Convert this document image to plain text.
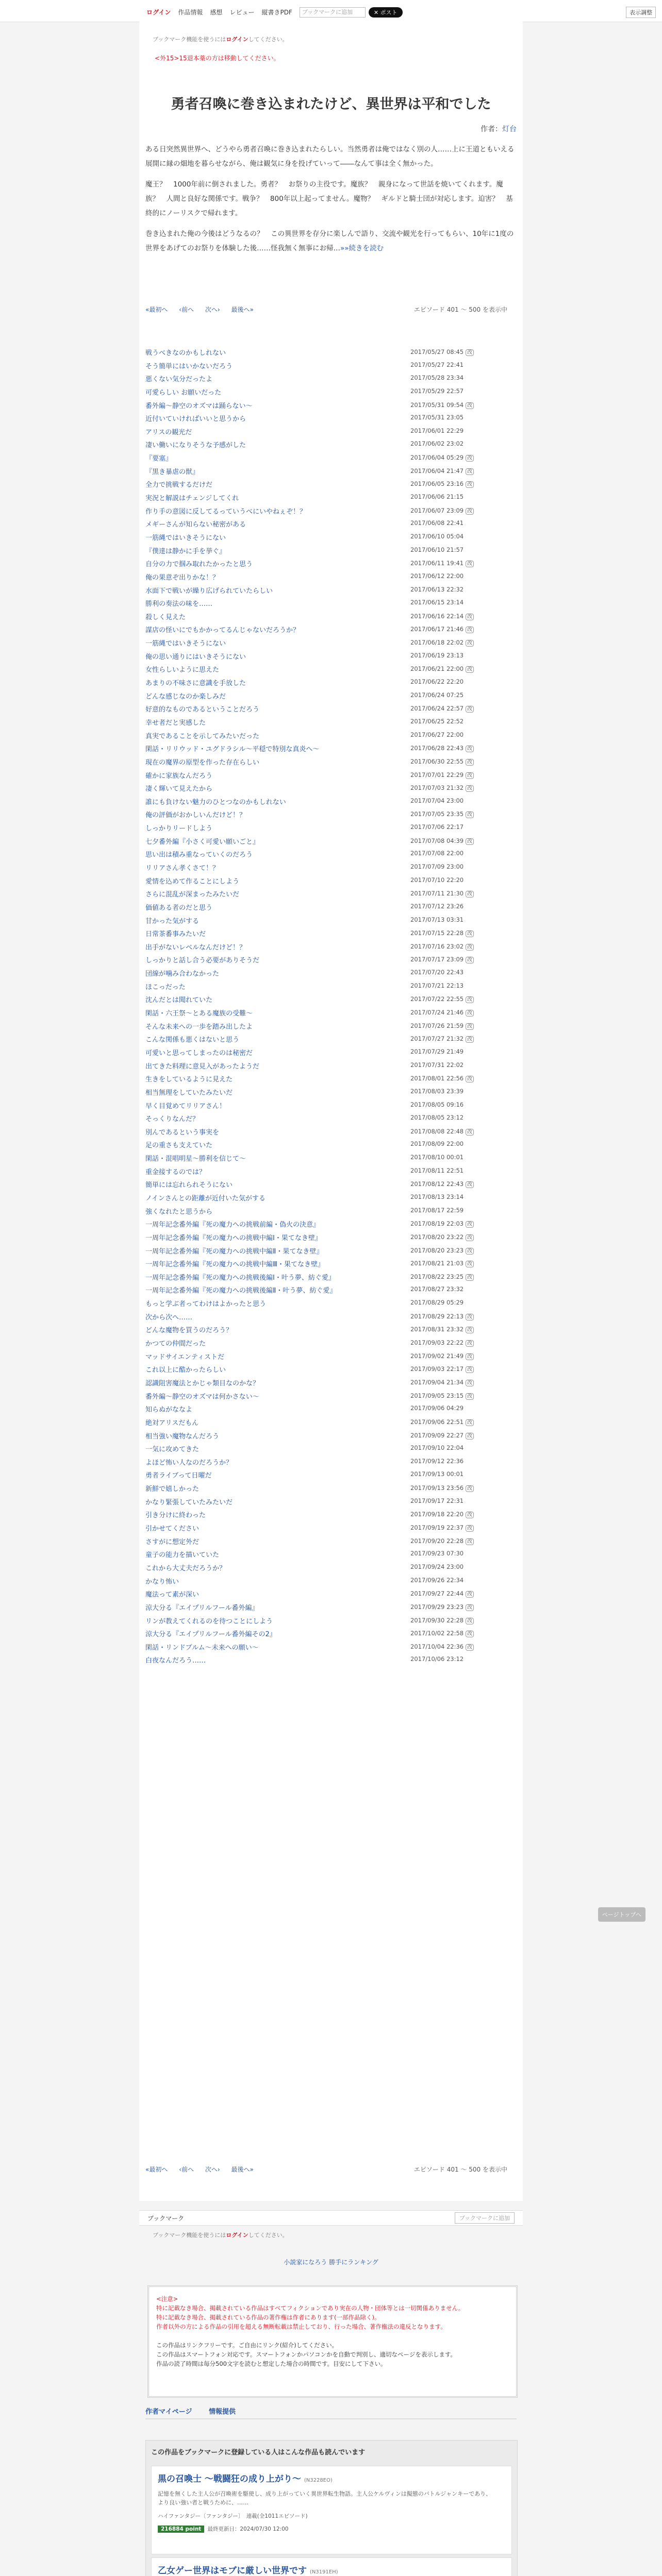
ログイン	作品情報	感想	レビュー	縦書きPDF	ブックマークに追加	✕ ポスト	表示調整
ブックマーク機能を使うにはログインしてください。
<外15>15退本薬の方は移動してください。
勇者召喚に巻き込まれたけど、異世界は平和でした
作者：灯台

ある日突然異世界へ、どうやら勇者召喚に巻き込まれたらしい。当然勇者は俺ではなく別の人……上に王道ともいえる展開に縁の畑地を暮らせながら、俺は観気に身を投げていって――なんて事は全く無かった。

魔王？　1000年前に倒されました。勇者？　お祭りの主役です。魔族？　親身になって世話を焼いてくれます。魔族？　人間と良好な関係です。戦争？　800年以上起ってません。魔物？　ギルドと騎士団が対応します。迫害？　基終的にノーリスクで帰れます。

巻き込まれた俺の今後はどうなるの？　この異世界を存分に楽しんで語り、交流や観光を行ってもらい、10年に1度の世界をあげてのお祭りを体験した後……怪我無く無事にお帰…»»続きを読む

«最初へ ‹前へ 次へ› 最後へ»	エピソード 401 ～ 500 を表示中
戦うべきなのかもしれない	2017/05/27 08:45 改
そう簡単にはいかないだろう	2017/05/27 22:41
悪くない気分だったよ	2017/05/28 23:34
可愛らしい お願いだった	2017/05/29 22:57
番外編～静空のオズマは踊らない～	2017/05/31 09:54 改
近付いていければいいと思うから	2017/05/31 23:05
アリスの観光だ	2017/06/01 22:29
凄い働いになりそうな予感がした	2017/06/02 23:02
『要塞』	2017/06/04 05:29 改
『黒き暴虐の獣』	2017/06/04 21:47 改
全力で挑戦するだけだ	2017/06/05 23:16 改
実況と解説はチェンジしてくれ	2017/06/06 21:15
作り手の意図に反してるっていうべにいやねぇぞ！？	2017/06/07 23:09 改
メギーさんが知らない秘密がある	2017/06/08 22:41
一筋縄ではいきそうにない	2017/06/10 05:04
『僕達は静かに手を挙ぐ』	2017/06/10 21:57
自分の力で掴み取れたかったと思う	2017/06/11 19:41 改
俺の果意ぞ出りかな！？	2017/06/12 22:00
水面下で戦いが繰り広げられていたらしい	2017/06/13 22:32
勝利の奏法の味を……	2017/06/15 23:14
殺しく見えた	2017/06/16 22:14 改
謀店の怪いにでもかかってるんじゃないだろうか？	2017/06/17 21:46 改
一筋縄ではいきそうにない	2017/06/18 22:02 改
俺の思い通りにはいきそうにない	2017/06/19 23:13
女性らしいように思えた	2017/06/21 22:00 改
あまりの不味さに意識を手放した	2017/06/22 22:20
どんな感じなのか楽しみだ	2017/06/24 07:25
好意的なものであるということだろう	2017/06/24 22:57 改
幸せ者だと実感した	2017/06/25 22:52
真実であることを示してみたいだった	2017/06/27 22:00
閑話・リリウッド・ユグドラシル～平穏で特別な真炎へ～	2017/06/28 22:43 改
現在の魔界の原型を作った存在らしい	2017/06/30 22:55 改
確かに家族なんだろう	2017/07/01 22:29 改
凄く輝いて見えたから	2017/07/03 21:32 改
誰にも負けない魅力のひとつなのかもしれない	2017/07/04 23:00
俺の評価がおかしいんだけど！？	2017/07/05 23:35 改
しっかりリードしよう	2017/07/06 22:17
七夕番外編『小さく可愛い願いごと』	2017/07/08 04:39 改
思い出は積み重なっていくのだろう	2017/07/08 22:00
リリアさん孝くさて！？	2017/07/09 23:00
愛情を込めて作ることにしよう	2017/07/10 22:20
さらに混乱が深まったみたいだ	2017/07/11 21:30 改
価値ある者のだと思う	2017/07/12 23:26
甘かった気がする	2017/07/13 03:31
日常茶番事みたいだ	2017/07/15 22:28 改
出手がないレベルなんだけど！？	2017/07/16 23:02 改
しっかりと話し合う必要がありそうだ	2017/07/17 23:09 改
団線が噛み合わなかった	2017/07/20 22:43
ほこっだった	2017/07/21 22:13
沈んだとは聞れていた	2017/07/22 22:55 改
閑話・六王祭～とある魔族の受難～	2017/07/24 21:46 改
そんな未来への一歩を踏み出したよ	2017/07/26 21:59 改
こんな関係も悪くはないと思う	2017/07/27 21:32 改
可愛いと思ってしまったのは秘密だ	2017/07/29 21:49
出てきた料理に意見入があったようだ	2017/07/31 22:02
生きをしているように見えた	2017/08/01 22:56 改
相当無理をしていたみたいだ	2017/08/03 23:39
早く目覚めてリリアさん！	2017/08/05 09:16
そっくりなんだ？	2017/08/05 23:12
別んであるという事実を	2017/08/08 22:48 改
足の重さも支えていた	2017/08/09 22:00
閑話・混唱明星～勝利を信じて～	2017/08/10 00:01
重金接するのでは？	2017/08/11 22:51
簡単には忘れられそうにない	2017/08/12 22:43 改
ノインさんとの距離が近付いた気がする	2017/08/13 23:14
強くなれたと思うから	2017/08/17 22:59
一周年記念番外編『死の魔力への挑戦前編・偽火の決意』	2017/08/19 22:03 改
一周年記念番外編『死の魔力への挑戦中編Ⅰ・果てなき壁』	2017/08/20 23:22 改
一周年記念番外編『死の魔力への挑戦中編Ⅱ・果てなき壁』	2017/08/20 23:23 改
一周年記念番外編『死の魔力への挑戦中編Ⅲ・果てなき壁』	2017/08/21 21:03 改
一周年記念番外編『死の魔力への挑戦後編Ⅰ・叶う夢、紡ぐ愛』	2017/08/22 23:25 改
一周年記念番外編『死の魔力への挑戦後編Ⅱ・叶う夢、紡ぐ愛』	2017/08/27 23:32
もっと学ぶ者ってわけはよかったと思う	2017/08/29 05:29
次から次へ……	2017/08/29 22:13 改
どんな魔物を買うのだろう？	2017/08/31 23:32 改
かつての仲間だった	2017/09/03 22:22 改
マッドサイエンティストだ	2017/09/02 21:49 改
これ以上に酷かったらしい	2017/09/03 22:17 改
認識阻害魔法とかじゃ類目なのかな？	2017/09/04 21:34 改
番外編～静空のオズマは何かさない～	2017/09/05 23:15 改
知らぬがななよ	2017/09/06 04:29
絶対アリスだもん	2017/09/06 22:51 改
相当強い魔物なんだろう	2017/09/09 22:27 改
一気に攻めてきた	2017/09/10 22:04
よほど怖い人なのだろうか？	2017/09/12 22:36
勇者ライブって日曜だ	2017/09/13 00:01
新鮮で嬉しかった	2017/09/13 23:56 改
かなり緊張していたみたいだ	2017/09/17 22:31
引き分けに終わった	2017/09/18 22:20 改
引かせてください	2017/09/19 22:37 改
さすがに想定外だ	2017/09/20 22:28 改
童子の能力を描いていた	2017/09/23 07:30
これから大丈夫だろうか？	2017/09/24 23:00
かなり怖い	2017/09/26 22:34
魔法って素が深い	2017/09/27 22:44 改
涼大分る『エイプリルフール番外編』	2017/09/29 23:23 改
リンが教えてくれるのを待つことにしよう	2017/09/30 22:28 改
涼大分る『エイプリルフール番外編その2』	2017/10/02 22:58 改
閑話・リンドブルム～未来への願い～	2017/10/04 22:36 改
白夜なんだろう……	2017/10/06 23:12
«最初へ ‹前へ 次へ› 最後へ»	エピソード 401 ～ 500 を表示中
ブックマーク	ブックマークに追加
ブックマーク機能を使うにはログインしてください。
小説家になろう 勝手にランキング
<注意>
特に記載なき場合、掲載されている作品はすべてフィクションであり実在の人物・団体等とは一切関係ありません。
特に記載なき場合、掲載されている作品の著作権は作者にあります(一部作品除く)。
作者以外の方による作品の引用を超える無断転載は禁止しており、行った場合、著作権法の違反となります。

この作品はリンクフリーです。ご自由にリンク(紹介)してください。
この作品はスマートフォン対応です。スマートフォンかパソコンかを自動で判別し、適切なページを表示します。
作品の読了時間は毎分500文字を読むと想定した場合の時間です。目安にして下さい。
作者マイページ	情報提供
この作品をブックマークに登録している人はこんな作品も読んでいます
黒の召喚士 ～戦闘狂の成り上がり～ (N3228EO)
記憶を無くした主人公が召喚術を駆使し、成り上がっていく異世界転生物語。主人公ケルヴィンは擬態のバトルジャンキーであり、より良い強い者と戦うために、……
ハイファンタジー〔ファンタジー〕　 連載(全1011エピソード)
216884 point 最終更新日：2024/07/30 12:00
乙女ゲー世界はモブに厳しい世界です (N3191EH)
ページトップへ
